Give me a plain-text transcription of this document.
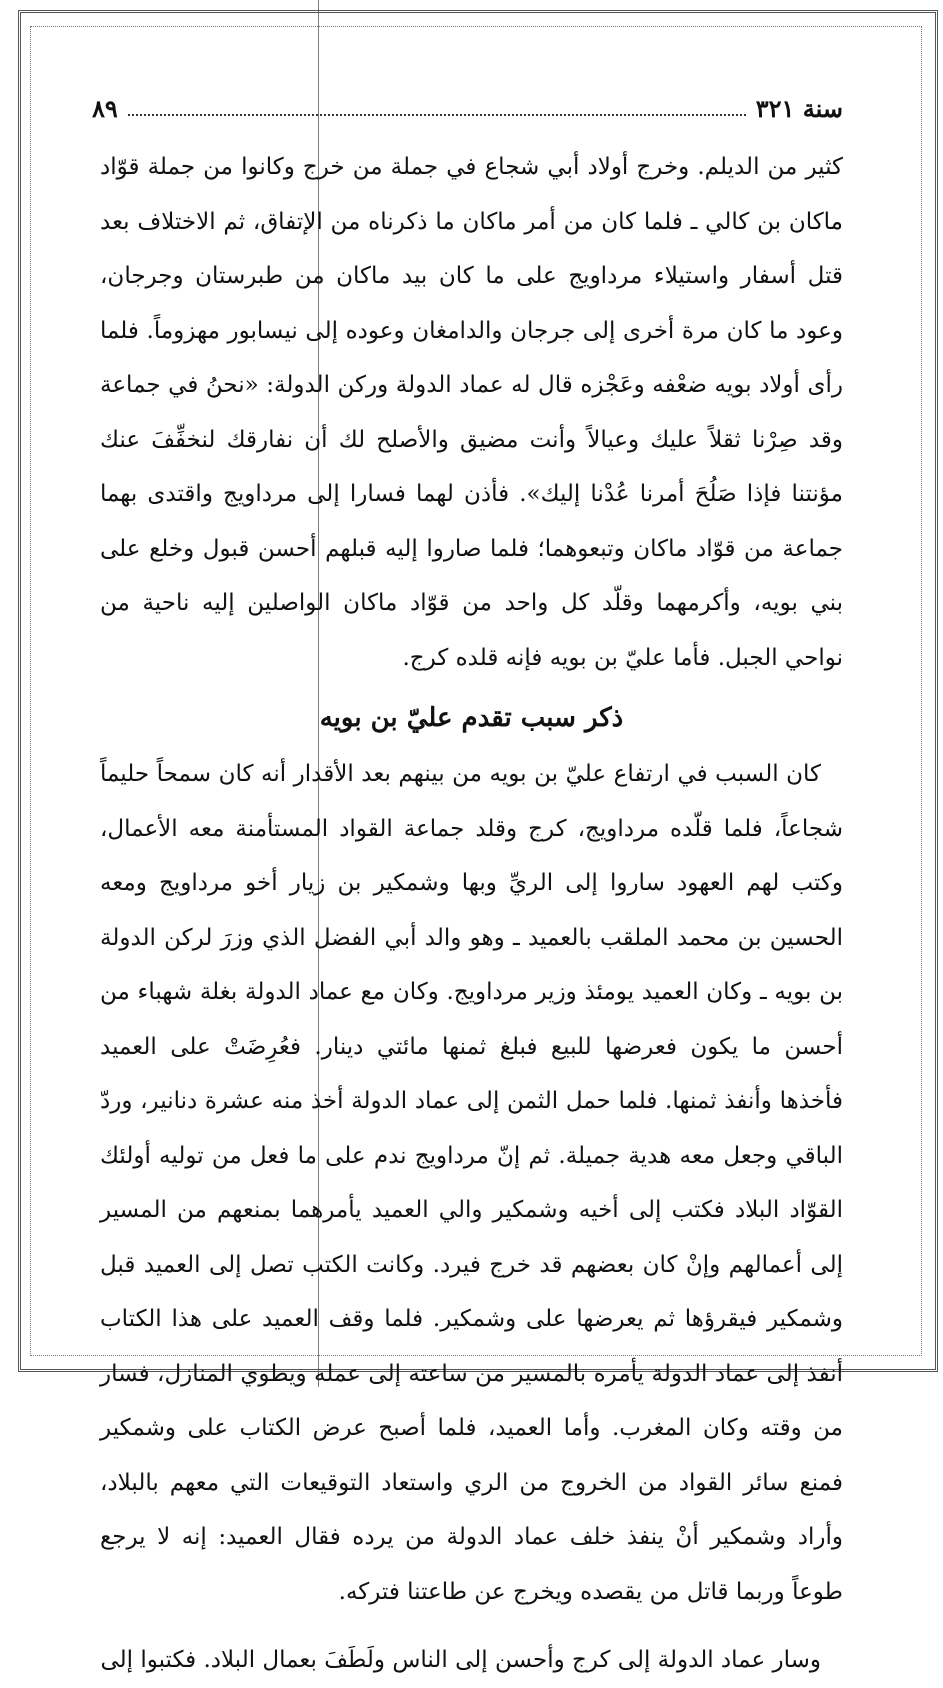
سنة ٣٢١
٨٩

كثير من الديلم. وخرج أولاد أبي شجاع في جملة من خرج وكانوا من جملة قوّاد ماكان بن كالي ـ فلما كان من أمر ماكان ما ذكرناه من الإتفاق، ثم الاختلاف بعد قتل أسفار واستيلاء مرداويج على ما كان بيد ماكان من طبرستان وجرجان، وعود ما كان مرة أخرى إلى جرجان والدامغان وعوده إلى نيسابور مهزوماً. فلما رأى أولاد بويه ضعْفه وعَجْزه قال له عماد الدولة وركن الدولة: «نحنُ في جماعة وقد صِرْنا ثقلاً عليك وعيالاً وأنت مضيق والأصلح لك أن نفارقك لنخفِّفَ عنك مؤنتنا فإذا صَلُحَ أمرنا عُدْنا إليك». فأذن لهما فسارا إلى مرداويج واقتدى بهما جماعة من قوّاد ماكان وتبعوهما؛ فلما صاروا إليه قبلهم أحسن قبول وخلع على بني بويه، وأكرمهما وقلّد كل واحد من قوّاد ماكان الواصلين إليه ناحية من نواحي الجبل. فأما عليّ بن بويه فإنه قلده كرج.

ذكر سبب تقدم عليّ بن بويه

كان السبب في ارتفاع عليّ بن بويه من بينهم بعد الأقدار أنه كان سمحاً حليماً شجاعاً، فلما قلّده مرداويج، كرج وقلد جماعة القواد المستأمنة معه الأعمال، وكتب لهم العهود ساروا إلى الريِّ وبها وشمكير بن زيار أخو مرداويج ومعه الحسين بن محمد الملقب بالعميد ـ وهو والد أبي الفضل الذي وزرَ لركن الدولة بن بويه ـ وكان العميد يومئذ وزير مرداويج. وكان مع عماد الدولة بغلة شهباء من أحسن ما يكون فعرضها للبيع فبلغ ثمنها مائتي دينار. فعُرِضَتْ على العميد فأخذها وأنفذ ثمنها. فلما حمل الثمن إلى عماد الدولة أخذ منه عشرة دنانير، وردّ الباقي وجعل معه هدية جميلة. ثم إنّ مرداويج ندم على ما فعل من توليه أولئك القوّاد البلاد فكتب إلى أخيه وشمكير والي العميد يأمرهما بمنعهم من المسير إلى أعمالهم وإنْ كان بعضهم قد خرج فيرد. وكانت الكتب تصل إلى العميد قبل وشمكير فيقرؤها ثم يعرضها على وشمكير. فلما وقف العميد على هذا الكتاب أنفذ إلى عماد الدولة يأمره بالمسير من ساعته إلى عمله ويطوي المنازل، فسار من وقته وكان المغرب. وأما العميد، فلما أصبح عرض الكتاب على وشمكير فمنع سائر القواد من الخروج من الري واستعاد التوقيعات التي معهم بالبلاد، وأراد وشمكير أنْ ينفذ خلف عماد الدولة من يرده فقال العميد: إنه لا يرجع طوعاً وربما قاتل من يقصده ويخرج عن طاعتنا فتركه.

وسار عماد الدولة إلى كرج وأحسن إلى الناس ولَطَفَ بعمال البلاد. فكتبوا إلى
